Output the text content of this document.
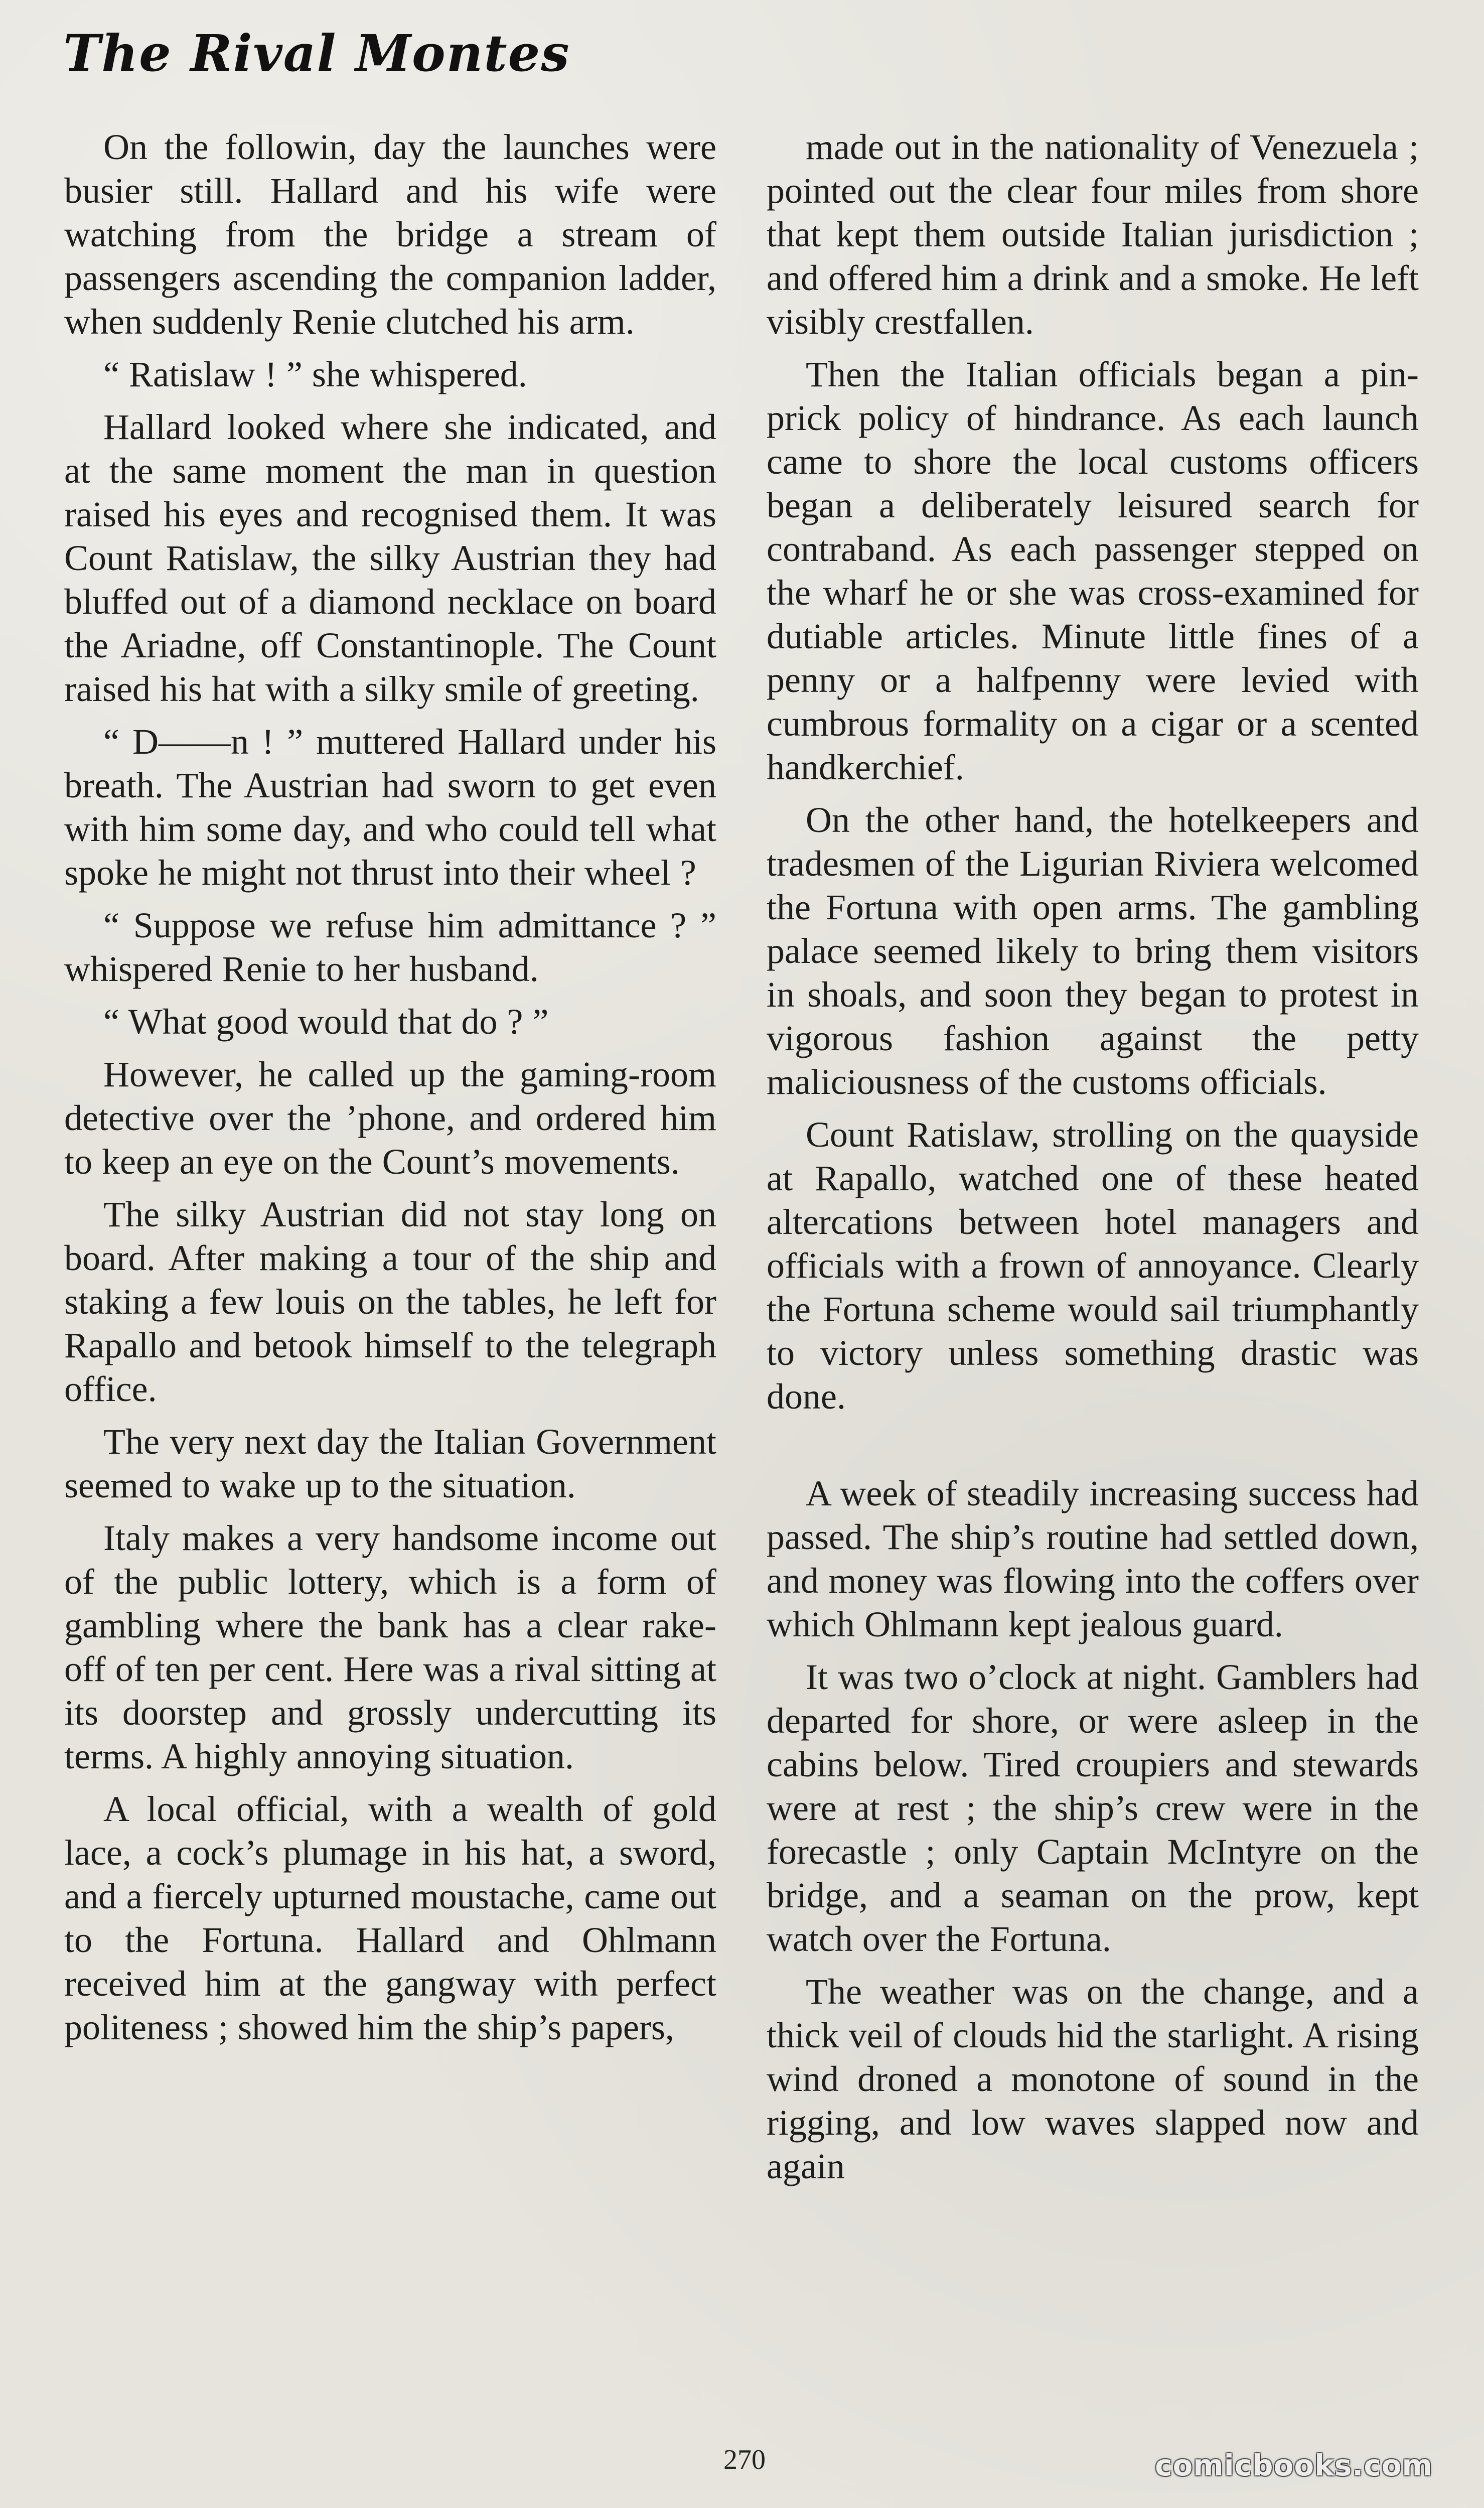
The Rival Montes

On the followin, day the launches were busier still. Hallard and his wife were watching from the bridge a stream of passengers ascending the companion ladder, when suddenly Renie clutched his arm.

“ Ratislaw ! ” she whispered.

Hallard looked where she indicated, and at the same moment the man in question raised his eyes and recognised them. It was Count Ratislaw, the silky Austrian they had bluffed out of a diamond necklace on board the Ariadne, off Constantinople. The Count raised his hat with a silky smile of greeting.

“ D——n ! ” muttered Hallard under his breath. The Austrian had sworn to get even with him some day, and who could tell what spoke he might not thrust into their wheel ?

“ Suppose we refuse him admittance ? ” whispered Renie to her husband.

“ What good would that do ? ”

However, he called up the gaming-room detective over the ’phone, and ordered him to keep an eye on the Count’s movements.

The silky Austrian did not stay long on board. After making a tour of the ship and staking a few louis on the tables, he left for Rapallo and betook himself to the telegraph office.

The very next day the Italian Government seemed to wake up to the situation.

Italy makes a very handsome income out of the public lottery, which is a form of gambling where the bank has a clear rake-off of ten per cent. Here was a rival sitting at its doorstep and grossly undercutting its terms. A highly annoying situation.

A local official, with a wealth of gold lace, a cock’s plumage in his hat, a sword, and a fiercely upturned moustache, came out to the Fortuna. Hallard and Ohlmann received him at the gangway with perfect politeness ; showed him the ship’s papers,

made out in the nationality of Venezuela ; pointed out the clear four miles from shore that kept them outside Italian jurisdiction ; and offered him a drink and a smoke. He left visibly crestfallen.

Then the Italian officials began a pin-prick policy of hindrance. As each launch came to shore the local customs officers began a deliberately leisured search for contraband. As each passenger stepped on the wharf he or she was cross-examined for dutiable articles. Minute little fines of a penny or a halfpenny were levied with cumbrous formality on a cigar or a scented handkerchief.

On the other hand, the hotelkeepers and tradesmen of the Ligurian Riviera welcomed the Fortuna with open arms. The gambling palace seemed likely to bring them visitors in shoals, and soon they began to protest in vigorous fashion against the petty maliciousness of the customs officials.

Count Ratislaw, strolling on the quayside at Rapallo, watched one of these heated altercations between hotel managers and officials with a frown of annoyance. Clearly the Fortuna scheme would sail triumphantly to victory unless something drastic was done.

A week of steadily increasing success had passed. The ship’s routine had settled down, and money was flowing into the coffers over which Ohlmann kept jealous guard.

It was two o’clock at night. Gamblers had departed for shore, or were asleep in the cabins below. Tired croupiers and stewards were at rest ; the ship’s crew were in the forecastle ; only Captain McIntyre on the bridge, and a seaman on the prow, kept watch over the Fortuna.

The weather was on the change, and a thick veil of clouds hid the starlight. A rising wind droned a monotone of sound in the rigging, and low waves slapped now and again

270	comicbooks.com
